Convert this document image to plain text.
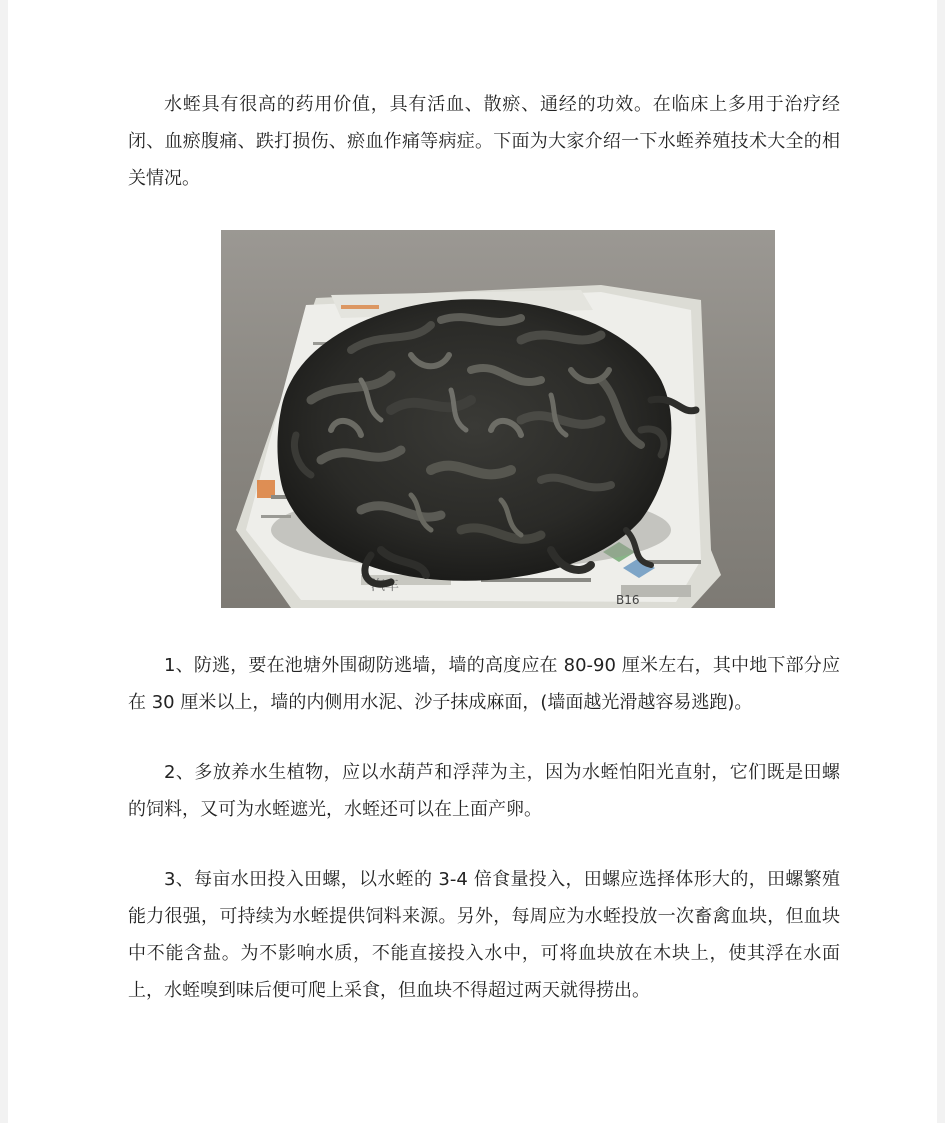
水蛭具有很高的药用价值，具有活血、散瘀、通经的功效。在临床上多用于治疗经闭、血瘀腹痛、跌打损伤、瘀血作痛等病症。下面为大家介绍一下水蛭养殖技术大全的相关情况。

B16
汽车

1、防逃，要在池塘外围砌防逃墙，墙的高度应在 80-90 厘米左右，其中地下部分应在 30 厘米以上，墙的内侧用水泥、沙子抹成麻面，(墙面越光滑越容易逃跑)。

2、多放养水生植物，应以水葫芦和浮萍为主，因为水蛭怕阳光直射，它们既是田螺的饲料，又可为水蛭遮光，水蛭还可以在上面产卵。

3、每亩水田投入田螺，以水蛭的 3-4 倍食量投入，田螺应选择体形大的，田螺繁殖能力很强，可持续为水蛭提供饲料来源。另外，每周应为水蛭投放一次畜禽血块，但血块中不能含盐。为不影响水质，不能直接投入水中，可将血块放在木块上，使其浮在水面上，水蛭嗅到味后便可爬上采食，但血块不得超过两天就得捞出。
